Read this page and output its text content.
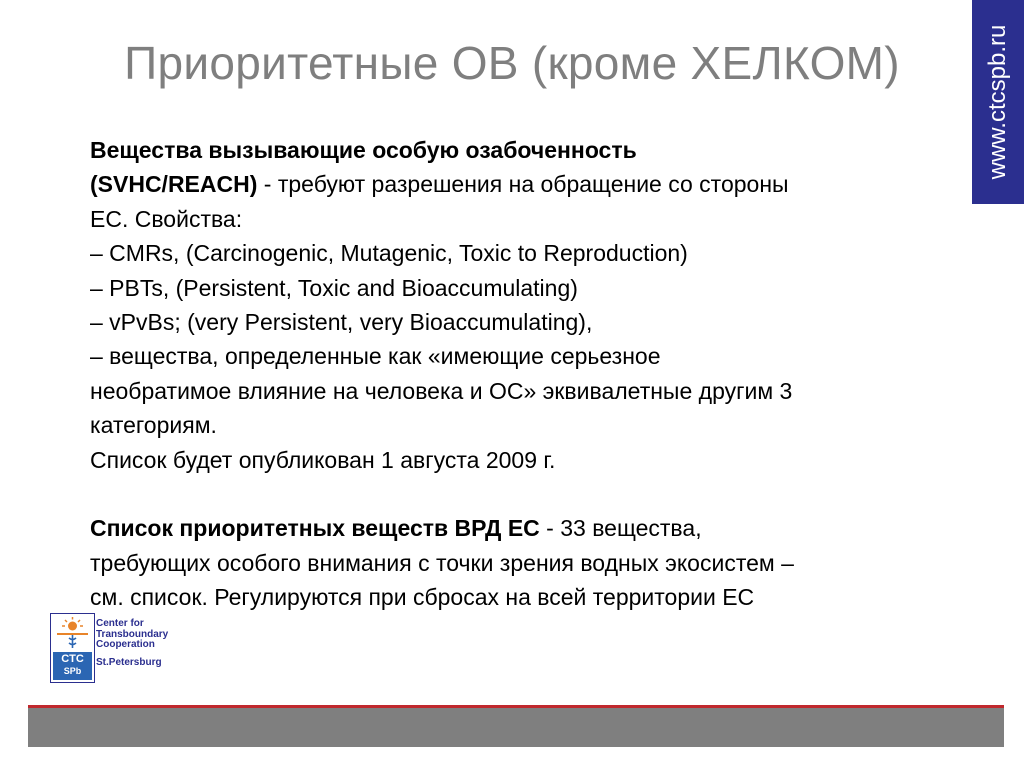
Приоритетные ОВ (кроме ХЕЛКОМ)	www.ctcspb.ru
Вещества вызывающие особую озабоченность
(SVHC/REACH) - требуют разрешения на обращение со стороны
ЕС. Свойства:
– CMRs, (Carcinogenic, Mutagenic, Toxic to Reproduction)
– PBTs, (Persistent, Toxic and Bioaccumulating)
– vPvBs; (very Persistent, very Bioaccumulating),
– вещества, определенные как «имеющие серьезное
необратимое влияние на человека и ОС» эквивалетные другим 3
категориям.
Список будет опубликован 1 августа 2009 г.
Список приоритетных веществ ВРД ЕС - 33 вещества,
требующих особого внимания с точки зрения водных экосистем –
см. список. Регулируются при сбросах на всей территории ЕС
CTC
SPb
Center for
Transboundary
Cooperation
St.Petersburg
